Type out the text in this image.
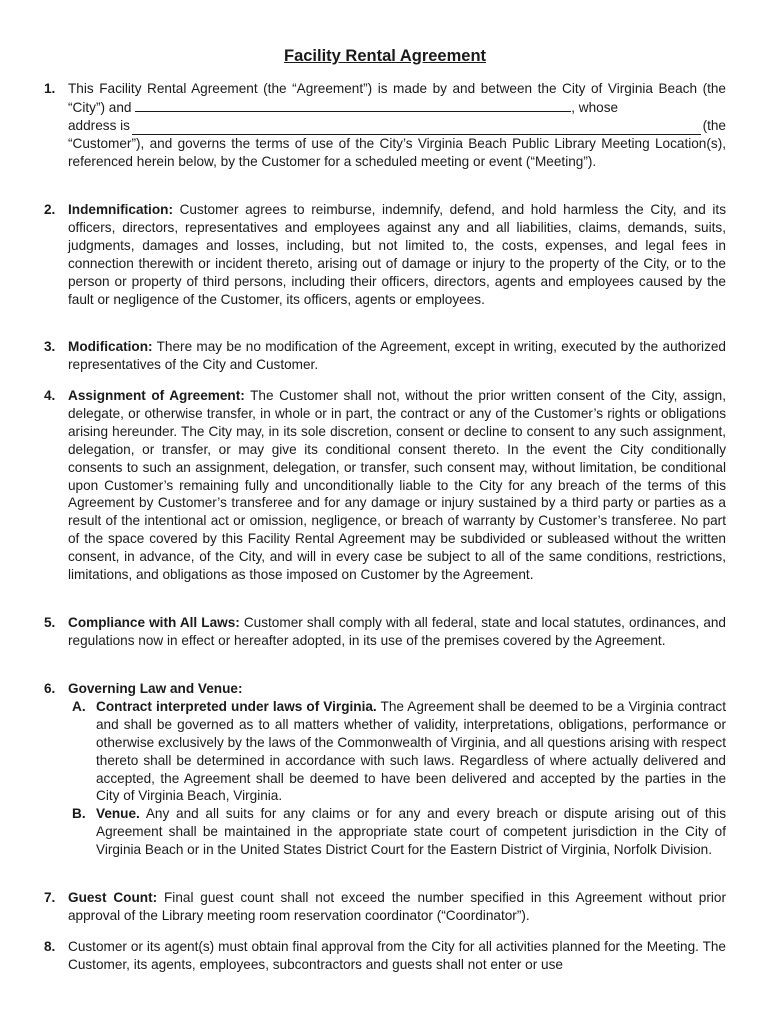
Facility Rental Agreement
1. This Facility Rental Agreement (the “Agreement”) is made by and between the City of Virginia Beach (the “City”) and	, whose
address is	(the
“Customer”), and governs the terms of use of the City’s Virginia Beach Public Library Meeting Location(s), referenced herein below, by the Customer for a scheduled meeting or event (“Meeting”).
2. Indemnification: Customer agrees to reimburse, indemnify, defend, and hold harmless the City, and its officers, directors, representatives and employees against any and all liabilities, claims, demands, suits, judgments, damages and losses, including, but not limited to, the costs, expenses, and legal fees in connection therewith or incident thereto, arising out of damage or injury to the property of the City, or to the person or property of third persons, including their officers, directors, agents and employees caused by the fault or negligence of the Customer, its officers, agents or employees.
3. Modification: There may be no modification of the Agreement, except in writing, executed by the authorized representatives of the City and Customer.
4. Assignment of Agreement: The Customer shall not, without the prior written consent of the City, assign, delegate, or otherwise transfer, in whole or in part, the contract or any of the Customer’s rights or obligations arising hereunder. The City may, in its sole discretion, consent or decline to consent to any such assignment, delegation, or transfer, or may give its conditional consent thereto. In the event the City conditionally consents to such an assignment, delegation, or transfer, such consent may, without limitation, be conditional upon Customer’s remaining fully and unconditionally liable to the City for any breach of the terms of this Agreement by Customer’s transferee and for any damage or injury sustained by a third party or parties as a result of the intentional act or omission, negligence, or breach of warranty by Customer’s transferee. No part of the space covered by this Facility Rental Agreement may be subdivided or subleased without the written consent, in advance, of the City, and will in every case be subject to all of the same conditions, restrictions, limitations, and obligations as those imposed on Customer by the Agreement.
5. Compliance with All Laws: Customer shall comply with all federal, state and local statutes, ordinances, and regulations now in effect or hereafter adopted, in its use of the premises covered by the Agreement.
6. Governing Law and Venue:
A. Contract interpreted under laws of Virginia. The Agreement shall be deemed to be a Virginia contract and shall be governed as to all matters whether of validity, interpretations, obligations, performance or otherwise exclusively by the laws of the Commonwealth of Virginia, and all questions arising with respect thereto shall be determined in accordance with such laws. Regardless of where actually delivered and accepted, the Agreement shall be deemed to have been delivered and accepted by the parties in the City of Virginia Beach, Virginia.
B. Venue. Any and all suits for any claims or for any and every breach or dispute arising out of this Agreement shall be maintained in the appropriate state court of competent jurisdiction in the City of Virginia Beach or in the United States District Court for the Eastern District of Virginia, Norfolk Division.
7. Guest Count: Final guest count shall not exceed the number specified in this Agreement without prior approval of the Library meeting room reservation coordinator (“Coordinator”).
8. Customer or its agent(s) must obtain final approval from the City for all activities planned for the Meeting. The Customer, its agents, employees, subcontractors and guests shall not enter or use
